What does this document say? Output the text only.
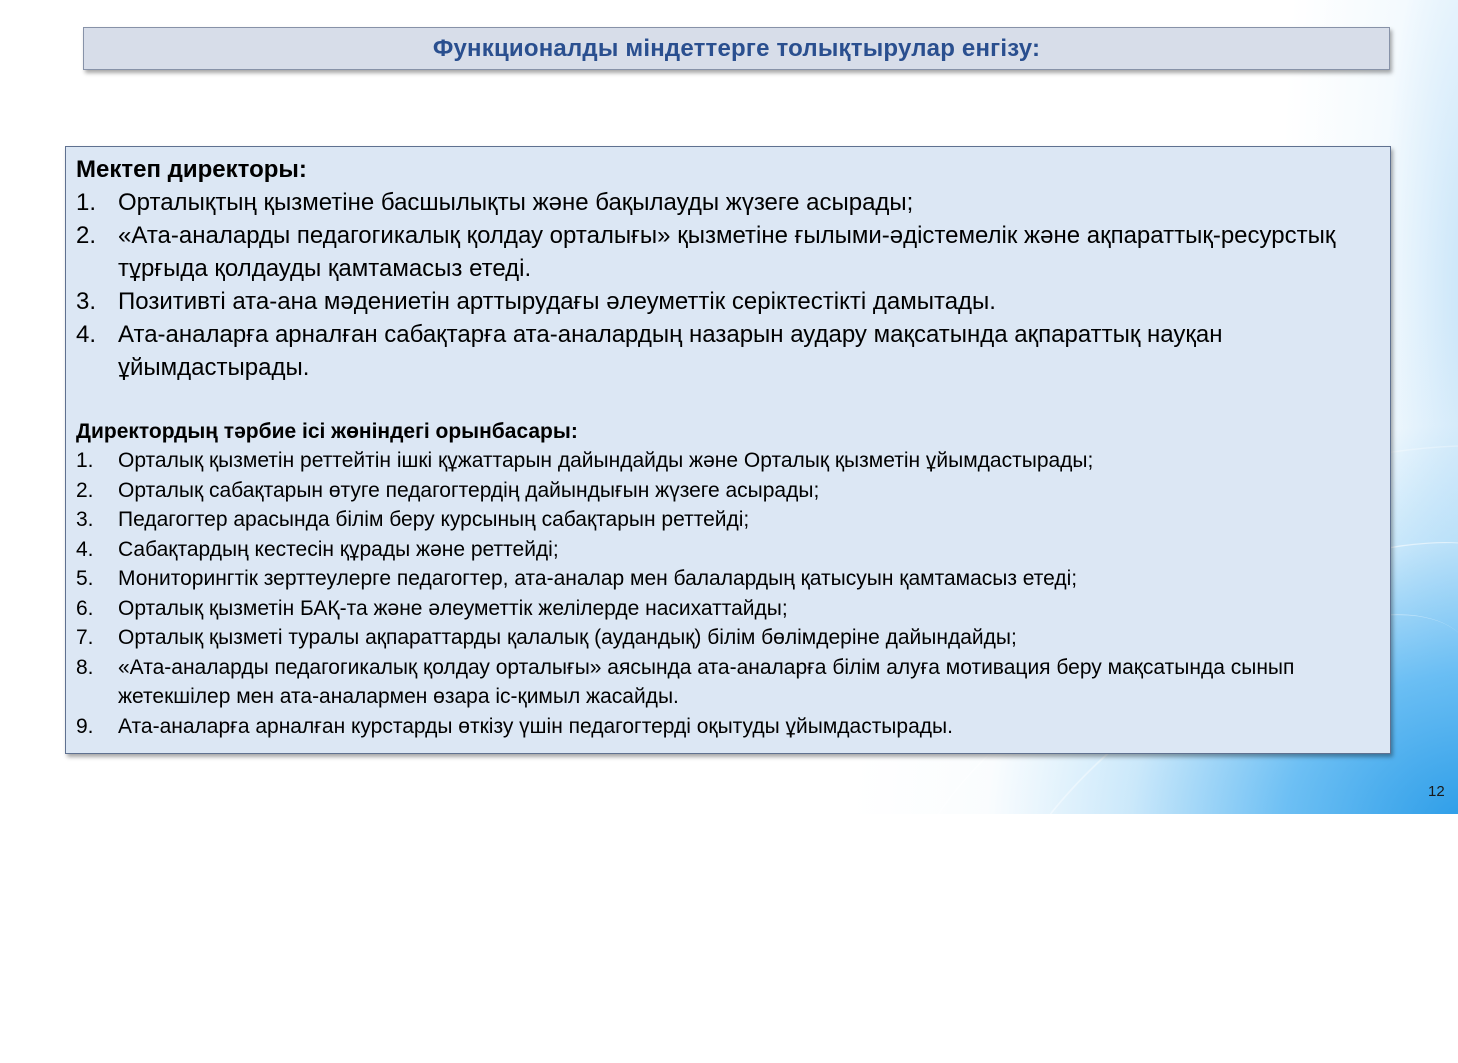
Функционалды міндеттерге толықтырулар енгізу:
Мектеп директоры:
1. Орталықтың қызметіне басшылықты және бақылауды жүзеге асырады;
2. «Ата-аналарды педагогикалық қолдау орталығы» қызметіне ғылыми-әдістемелік және ақпараттық-ресурстық тұрғыда қолдауды қамтамасыз етеді.
3. Позитивті ата-ана мәдениетін арттырудағы әлеуметтік серіктестікті дамытады.
4. Ата-аналарға арналған сабақтарға ата-аналардың назарын аудару мақсатында ақпараттық науқан ұйымдастырады.
Директордың тәрбие ісі жөніндегі орынбасары:
1.	Орталық қызметін реттейтін ішкі құжаттарын дайындайды және Орталық қызметін ұйымдастырады;
2.	Орталық сабақтарын өтуге педагогтердің дайындығын жүзеге асырады;
3.	Педагогтер арасында білім беру курсының сабақтарын реттейді;
4.	Сабақтардың кестесін құрады және реттейді;
5.	Мониторингтік зерттеулерге педагогтер, ата-аналар мен балалардың қатысуын қамтамасыз етеді;
6.	Орталық қызметін БАҚ-та және әлеуметтік желілерде насихаттайды;
7.	Орталық қызметі туралы ақпараттарды қалалық (аудандық) білім бөлімдеріне дайындайды;
8.	«Ата-аналарды педагогикалық қолдау орталығы» аясында ата-аналарға білім алуға мотивация беру мақсатында сынып жетекшілер мен ата-аналармен өзара іс-қимыл жасайды.
9.	Ата-аналарға арналған курстарды өткізу үшін педагогтерді оқытуды ұйымдастырады.
12
